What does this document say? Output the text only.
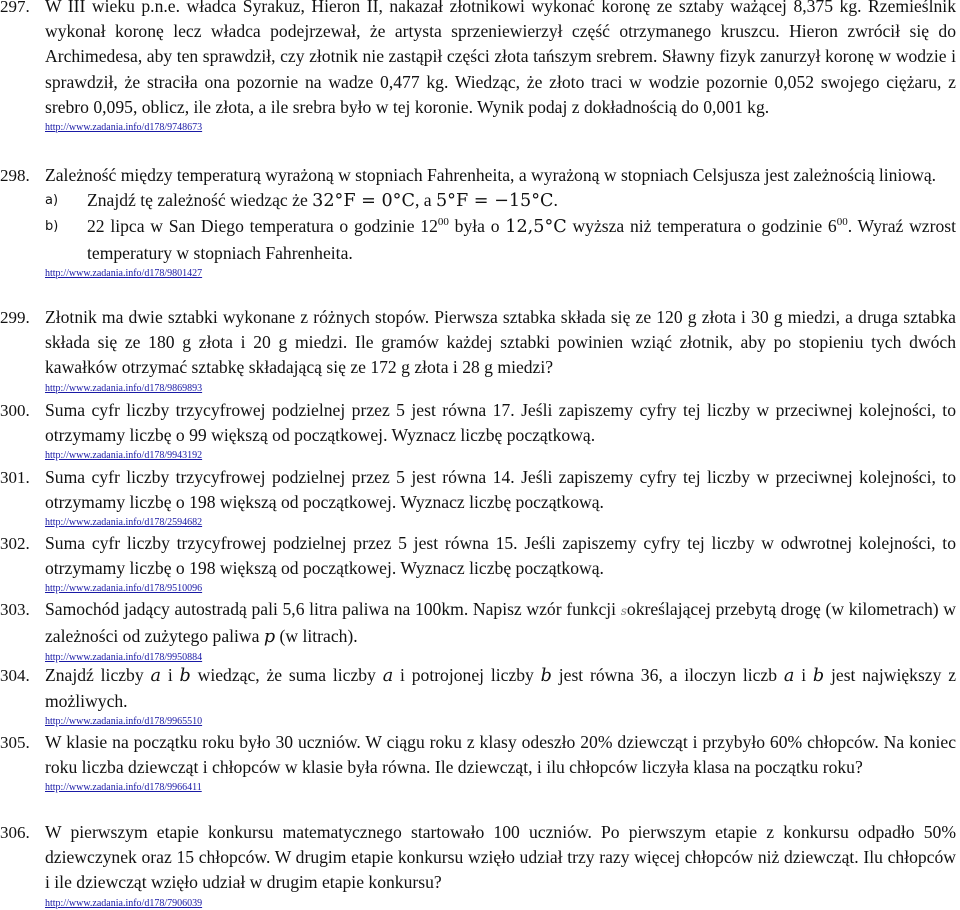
297. W III wieku p.n.e. władca Syrakuz, Hieron II, nakazał złotnikowi wykonać koronę ze sztaby ważącej 8,375 kg. Rzemieślnik wykonał koronę lecz władca podejrzewał, że artysta sprzeniewierzył część otrzymanego kruszcu. Hieron zwrócił się do Archimedesa, aby ten sprawdził, czy złotnik nie zastąpił części złota tańszym srebrem. Sławny fizyk zanurzył koronę w wodzie i sprawdził, że straciła ona pozornie na wadze 0,477 kg. Wiedząc, że złoto traci w wodzie pozornie 0,052 swojego ciężaru, z srebro 0,095, oblicz, ile złota, a ile srebra było w tej koronie. Wynik podaj z dokładnością do 0,001 kg.

http://www.zadania.info/d178/9748673
298. Zależność między temperaturą wyrażoną w stopniach Fahrenheita, a wyrażoną w stopniach Celsjusza jest zależnością liniową.

a)	Znajdź tę zależność wiedząc że 32°F = 0°C, a 5°F = −15°C.
b)	22 lipca w San Diego temperatura o godzinie $12^{00}$ była o 12,5°C wyższa niż temperatura o godzinie $6^{00}$. Wyraź wzrost temperatury w stopniach Fahrenheita.
http://www.zadania.info/d178/9801427
299. Złotnik ma dwie sztabki wykonane z różnych stopów. Pierwsza sztabka składa się ze 120 g złota i 30 g miedzi, a druga sztabka składa się ze 180 g złota i 20 g miedzi. Ile gramów każdej sztabki powinien wziąć złotnik, aby po stopieniu tych dwóch kawałków otrzymać sztabkę składającą się ze 172 g złota i 28 g miedzi?

http://www.zadania.info/d178/9869893
300. Suma cyfr liczby trzycyfrowej podzielnej przez 5 jest równa 17. Jeśli zapiszemy cyfry tej liczby w przeciwnej kolejności, to otrzymamy liczbę o 99 większą od początkowej. Wyznacz liczbę początkową.

http://www.zadania.info/d178/9943192
301. Suma cyfr liczby trzycyfrowej podzielnej przez 5 jest równa 14. Jeśli zapiszemy cyfry tej liczby w przeciwnej kolejności, to otrzymamy liczbę o 198 większą od początkowej. Wyznacz liczbę początkową.

http://www.zadania.info/d178/2594682
302. Suma cyfr liczby trzycyfrowej podzielnej przez 5 jest równa 15. Jeśli zapiszemy cyfry tej liczby w odwrotnej kolejności, to otrzymamy liczbę o 198 większą od początkowej. Wyznacz liczbę początkową.

http://www.zadania.info/d178/9510096
303. Samochód jadący autostradą pali 5,6 litra paliwa na 100km. Napisz wzór funkcji sokreślającej przebytą drogę (w kilometrach) w zależności od zużytego paliwa p (w litrach).

http://www.zadania.info/d178/9950884
304. Znajdź liczby a i b wiedząc, że suma liczby a i potrojonej liczby b jest równa 36, a iloczyn liczb a i b jest największy z możliwych.

http://www.zadania.info/d178/9965510
305. W klasie na początku roku było 30 uczniów. W ciągu roku z klasy odeszło 20% dziewcząt i przybyło 60% chłopców. Na koniec roku liczba dziewcząt i chłopców w klasie była równa. Ile dziewcząt, i ilu chłopców liczyła klasa na początku roku?

http://www.zadania.info/d178/9966411
306. W pierwszym etapie konkursu matematycznego startowało 100 uczniów. Po pierwszym etapie z konkursu odpadło 50% dziewczynek oraz 15 chłopców. W drugim etapie konkursu wzięło udział trzy razy więcej chłopców niż dziewcząt. Ilu chłopców i ile dziewcząt wzięło udział w drugim etapie konkursu?

http://www.zadania.info/d178/7906039
